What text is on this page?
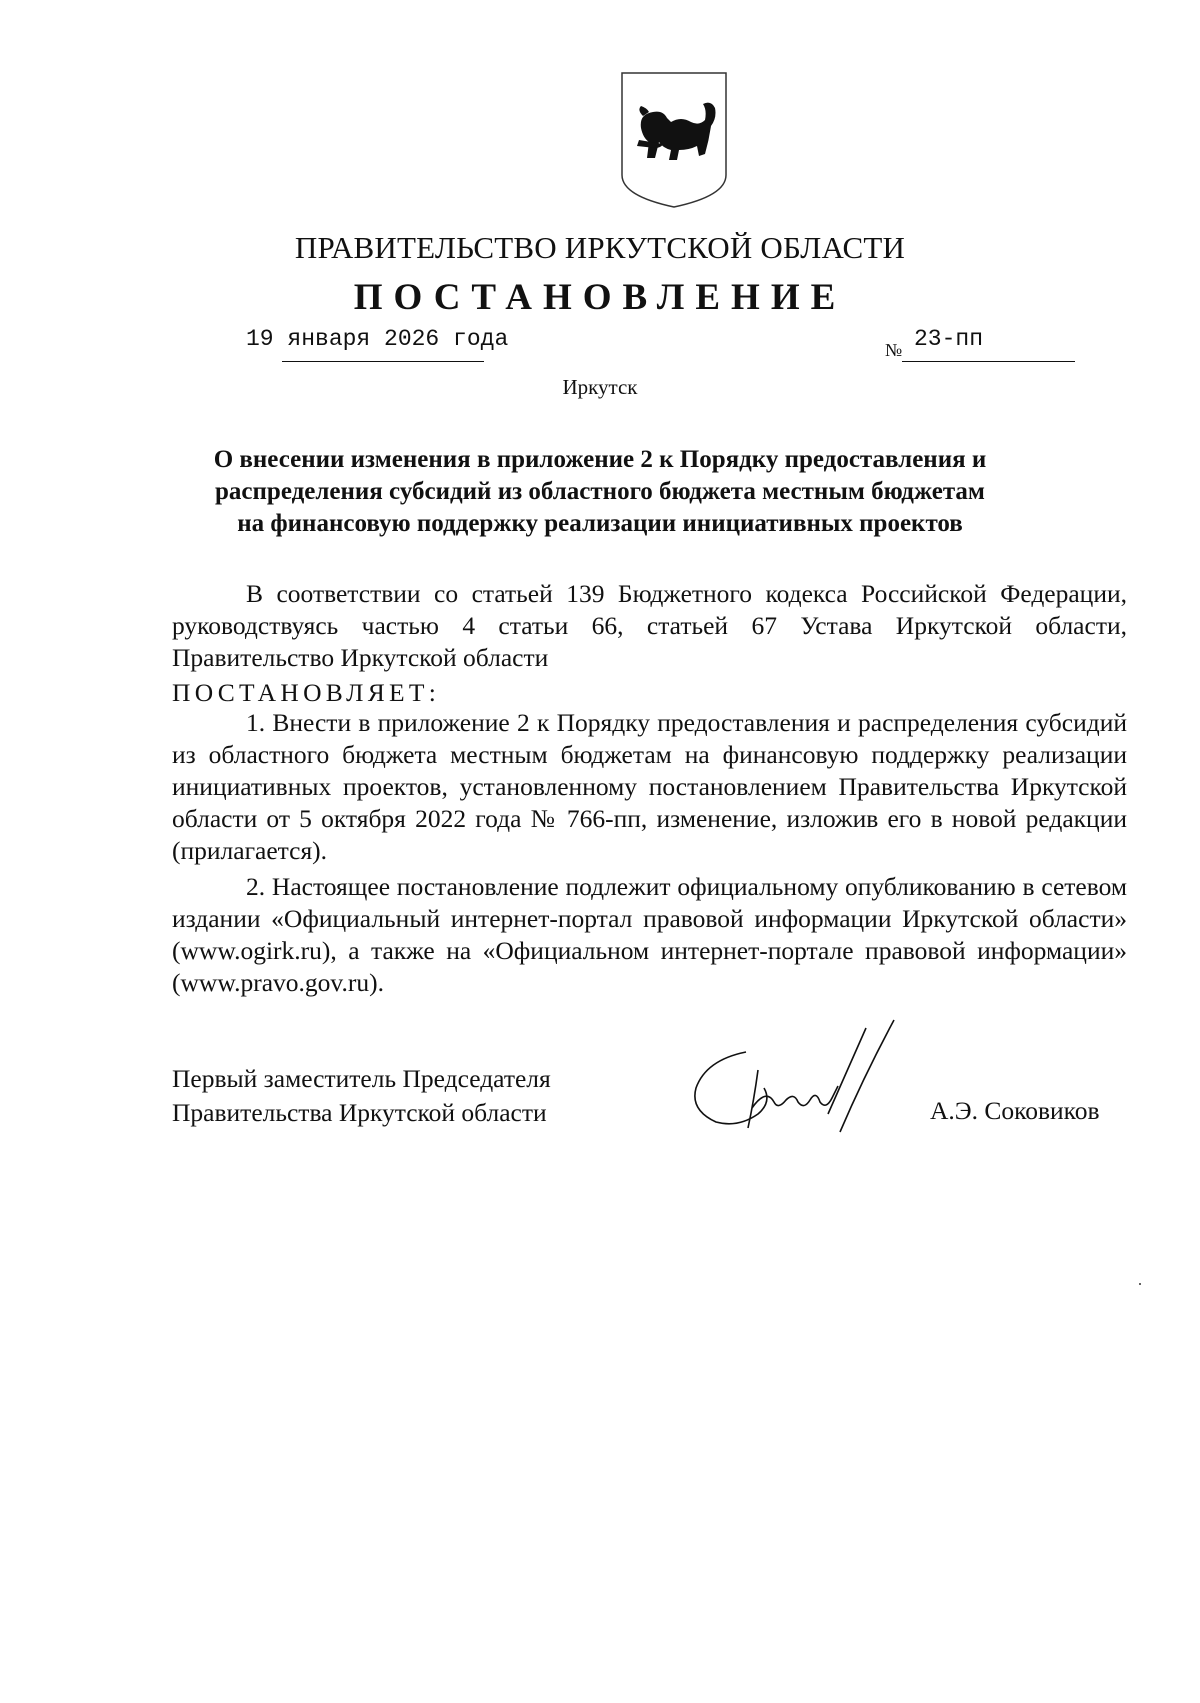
ПРАВИТЕЛЬСТВО ИРКУТСКОЙ ОБЛАСТИ
ПОСТАНОВЛЕНИЕ
19 января 2026 года	№ 23-пп
Иркутск
О внесении изменения в приложение 2 к Порядку предоставления и распределения субсидий из областного бюджета местным бюджетам на финансовую поддержку реализации инициативных проектов

В соответствии со статьей 139 Бюджетного кодекса Российской Федерации, руководствуясь частью 4 статьи 66, статьей 67 Устава Иркутской области, Правительство Иркутской области

ПОСТАНОВЛЯЕТ:

1. Внести в приложение 2 к Порядку предоставления и распределения субсидий из областного бюджета местным бюджетам на финансовую поддержку реализации инициативных проектов, установленному постановлением Правительства Иркутской области от 5 октября 2022 года № 766-пп, изменение, изложив его в новой редакции (прилагается).

2. Настоящее постановление подлежит официальному опубликованию в сетевом издании «Официальный интернет-портал правовой информации Иркутской области» (www.ogirk.ru), а также на «Официальном интернет-портале правовой информации» (www.pravo.gov.ru).

Первый заместитель Председателя
Правительства Иркутской области	А.Э. Соковиков
